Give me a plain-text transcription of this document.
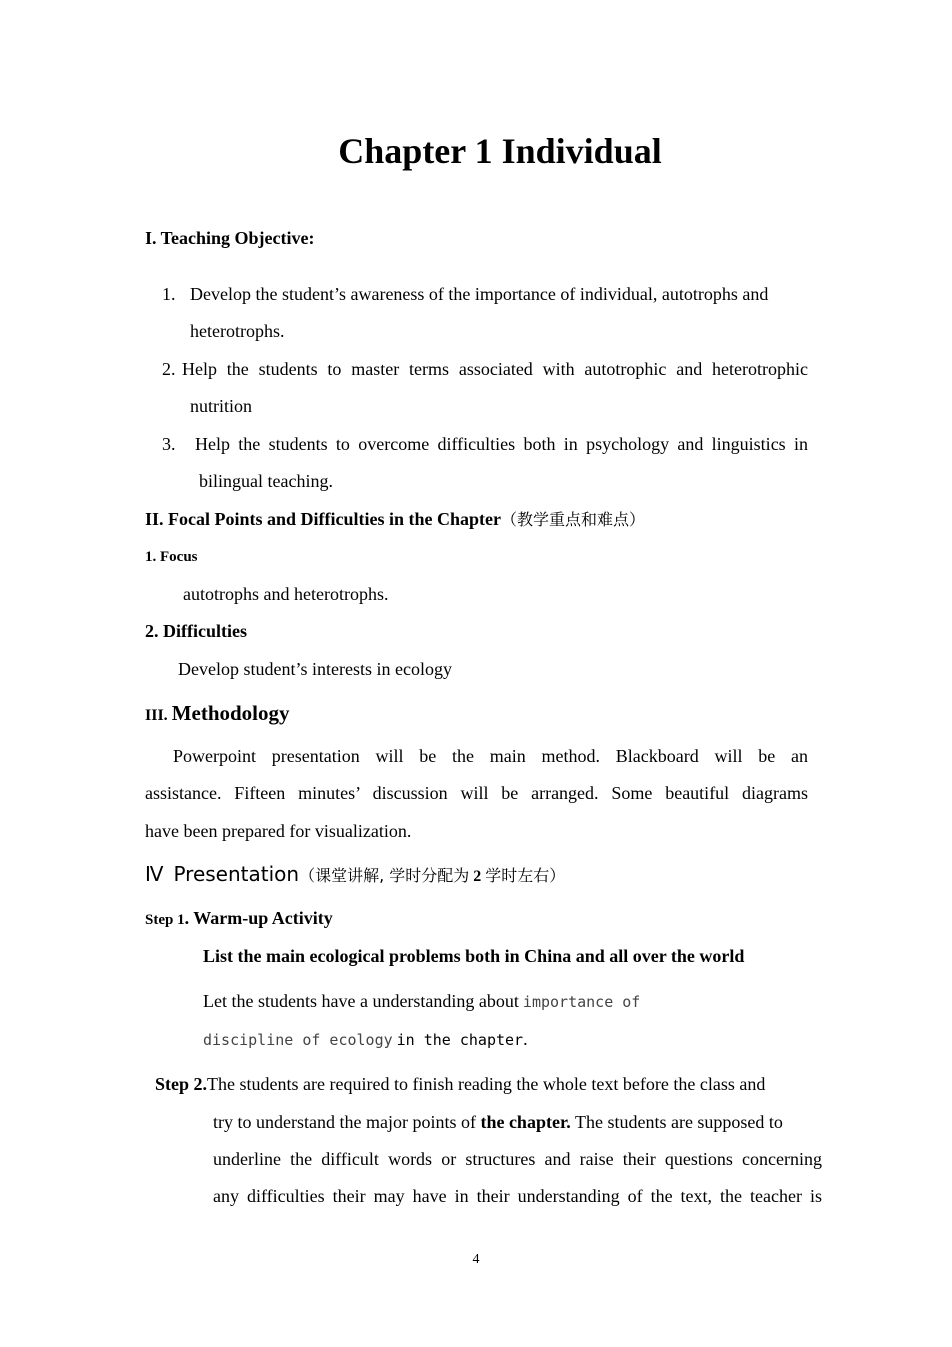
Chapter 1 Individual
I. Teaching Objective:
1. Develop the student’s awareness of the importance of individual, autotrophs and
heterotrophs.
2. Help the students to master terms associated with autotrophic and heterotrophic
nutrition
3. Help the students to overcome difficulties both in psychology and linguistics in
bilingual teaching.
II. Focal Points and Difficulties in the Chapter（教学重点和难点）
1. Focus
autotrophs and heterotrophs.
2. Difficulties
Develop student’s interests in ecology
III. Methodology
Powerpoint presentation will be the main method. Blackboard will be an
assistance. Fifteen minutes’ discussion will be arranged. Some beautiful diagrams
have been prepared for visualization.
Ⅳ Presentation（课堂讲解, 学时分配为 2 学时左右）
Step 1. Warm-up Activity
List the main ecological problems both in China and all over the world
Let the students have a understanding about importance of
discipline of ecology in the chapter.
Step 2.The students are required to finish reading the whole text before the class and
try to understand the major points of the chapter. The students are supposed to
underline the difficult words or structures and raise their questions concerning
any difficulties their may have in their understanding of the text, the teacher is
4
